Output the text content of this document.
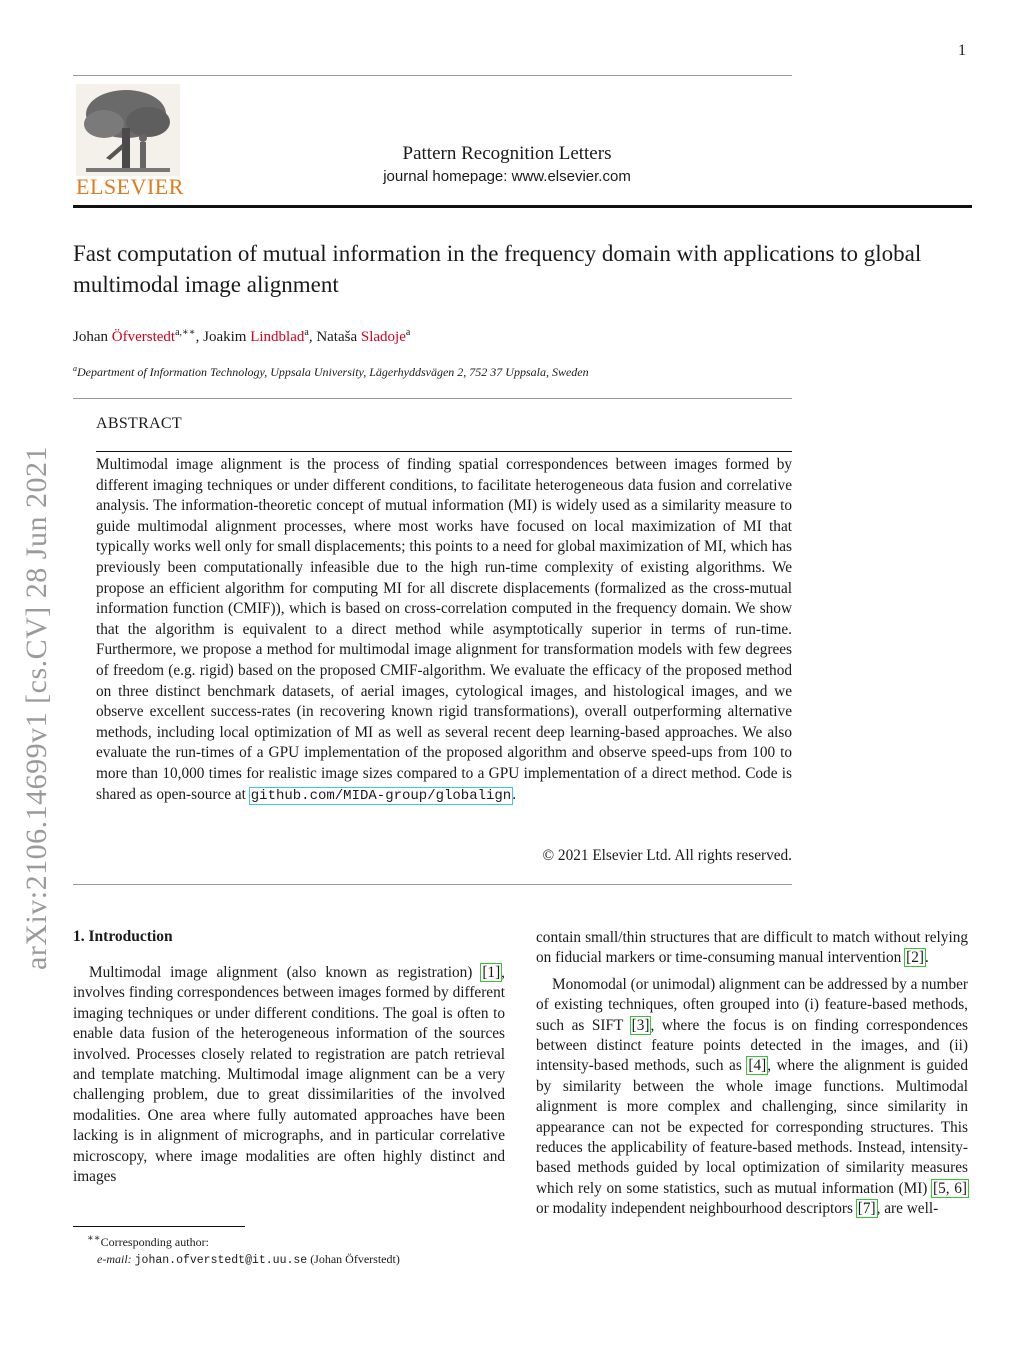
1
ELSEVIER
Pattern Recognition Letters
journal homepage: www.elsevier.com
Fast computation of mutual information in the frequency domain with applications to global multimodal image alignment
Johan Öfverstedt$^{a,∗∗}$, Joakim Lindblad$^a$, Nataša Sladoje$^a$
$^a$Department of Information Technology, Uppsala University, Lägerhyddsvägen 2, 752 37 Uppsala, Sweden
ABSTRACT
Multimodal image alignment is the process of finding spatial correspondences between images formed by different imaging techniques or under different conditions, to facilitate heterogeneous data fusion and correlative analysis. The information-theoretic concept of mutual information (MI) is widely used as a similarity measure to guide multimodal alignment processes, where most works have focused on local maximization of MI that typically works well only for small displacements; this points to a need for global maximization of MI, which has previously been computationally infeasible due to the high run-time complexity of existing algorithms. We propose an efficient algorithm for computing MI for all discrete displacements (formalized as the cross-mutual information function (CMIF)), which is based on cross-correlation computed in the frequency domain. We show that the algorithm is equivalent to a direct method while asymptotically superior in terms of run-time. Furthermore, we propose a method for multimodal image alignment for transformation models with few degrees of freedom (e.g. rigid) based on the proposed CMIF-algorithm. We evaluate the efficacy of the proposed method on three distinct benchmark datasets, of aerial images, cytological images, and histological images, and we observe excellent success-rates (in recovering known rigid transformations), overall outperforming alternative methods, including local optimization of MI as well as several recent deep learning-based approaches. We also evaluate the run-times of a GPU implementation of the proposed algorithm and observe speed-ups from 100 to more than 10,000 times for realistic image sizes compared to a GPU implementation of a direct method. Code is shared as open-source at github.com/MIDA-group/globalign.
© 2021 Elsevier Ltd. All rights reserved.
arXiv:2106.14699v1 [cs.CV] 28 Jun 2021 1. Introduction

Multimodal image alignment (also known as registration) [1], involves finding correspondences between images formed by different imaging techniques or under different conditions. The goal is often to enable data fusion of the heterogeneous information of the sources involved. Processes closely related to registration are patch retrieval and template matching. Multimodal image alignment can be a very challenging problem, due to great dissimilarities of the involved modalities. One area where fully automated approaches have been lacking is in alignment of micrographs, and in particular correlative microscopy, where image modalities are often highly distinct and images

∗∗Corresponding author:
e-mail: johan.ofverstedt@it.uu.se (Johan Öfverstedt)

contain small/thin structures that are difficult to match without relying on fiducial markers or time-consuming manual intervention [2].

Monomodal (or unimodal) alignment can be addressed by a number of existing techniques, often grouped into (i) feature-based methods, such as SIFT [3], where the focus is on finding correspondences between distinct feature points detected in the images, and (ii) intensity-based methods, such as [4], where the alignment is guided by similarity between the whole image functions. Multimodal alignment is more complex and challenging, since similarity in appearance can not be expected for corresponding structures. This reduces the applicability of feature-based methods. Instead, intensity-based methods guided by local optimization of similarity measures which rely on some statistics, such as mutual information (MI) [5, 6] or modality independent neighbourhood descriptors [7], are well-
